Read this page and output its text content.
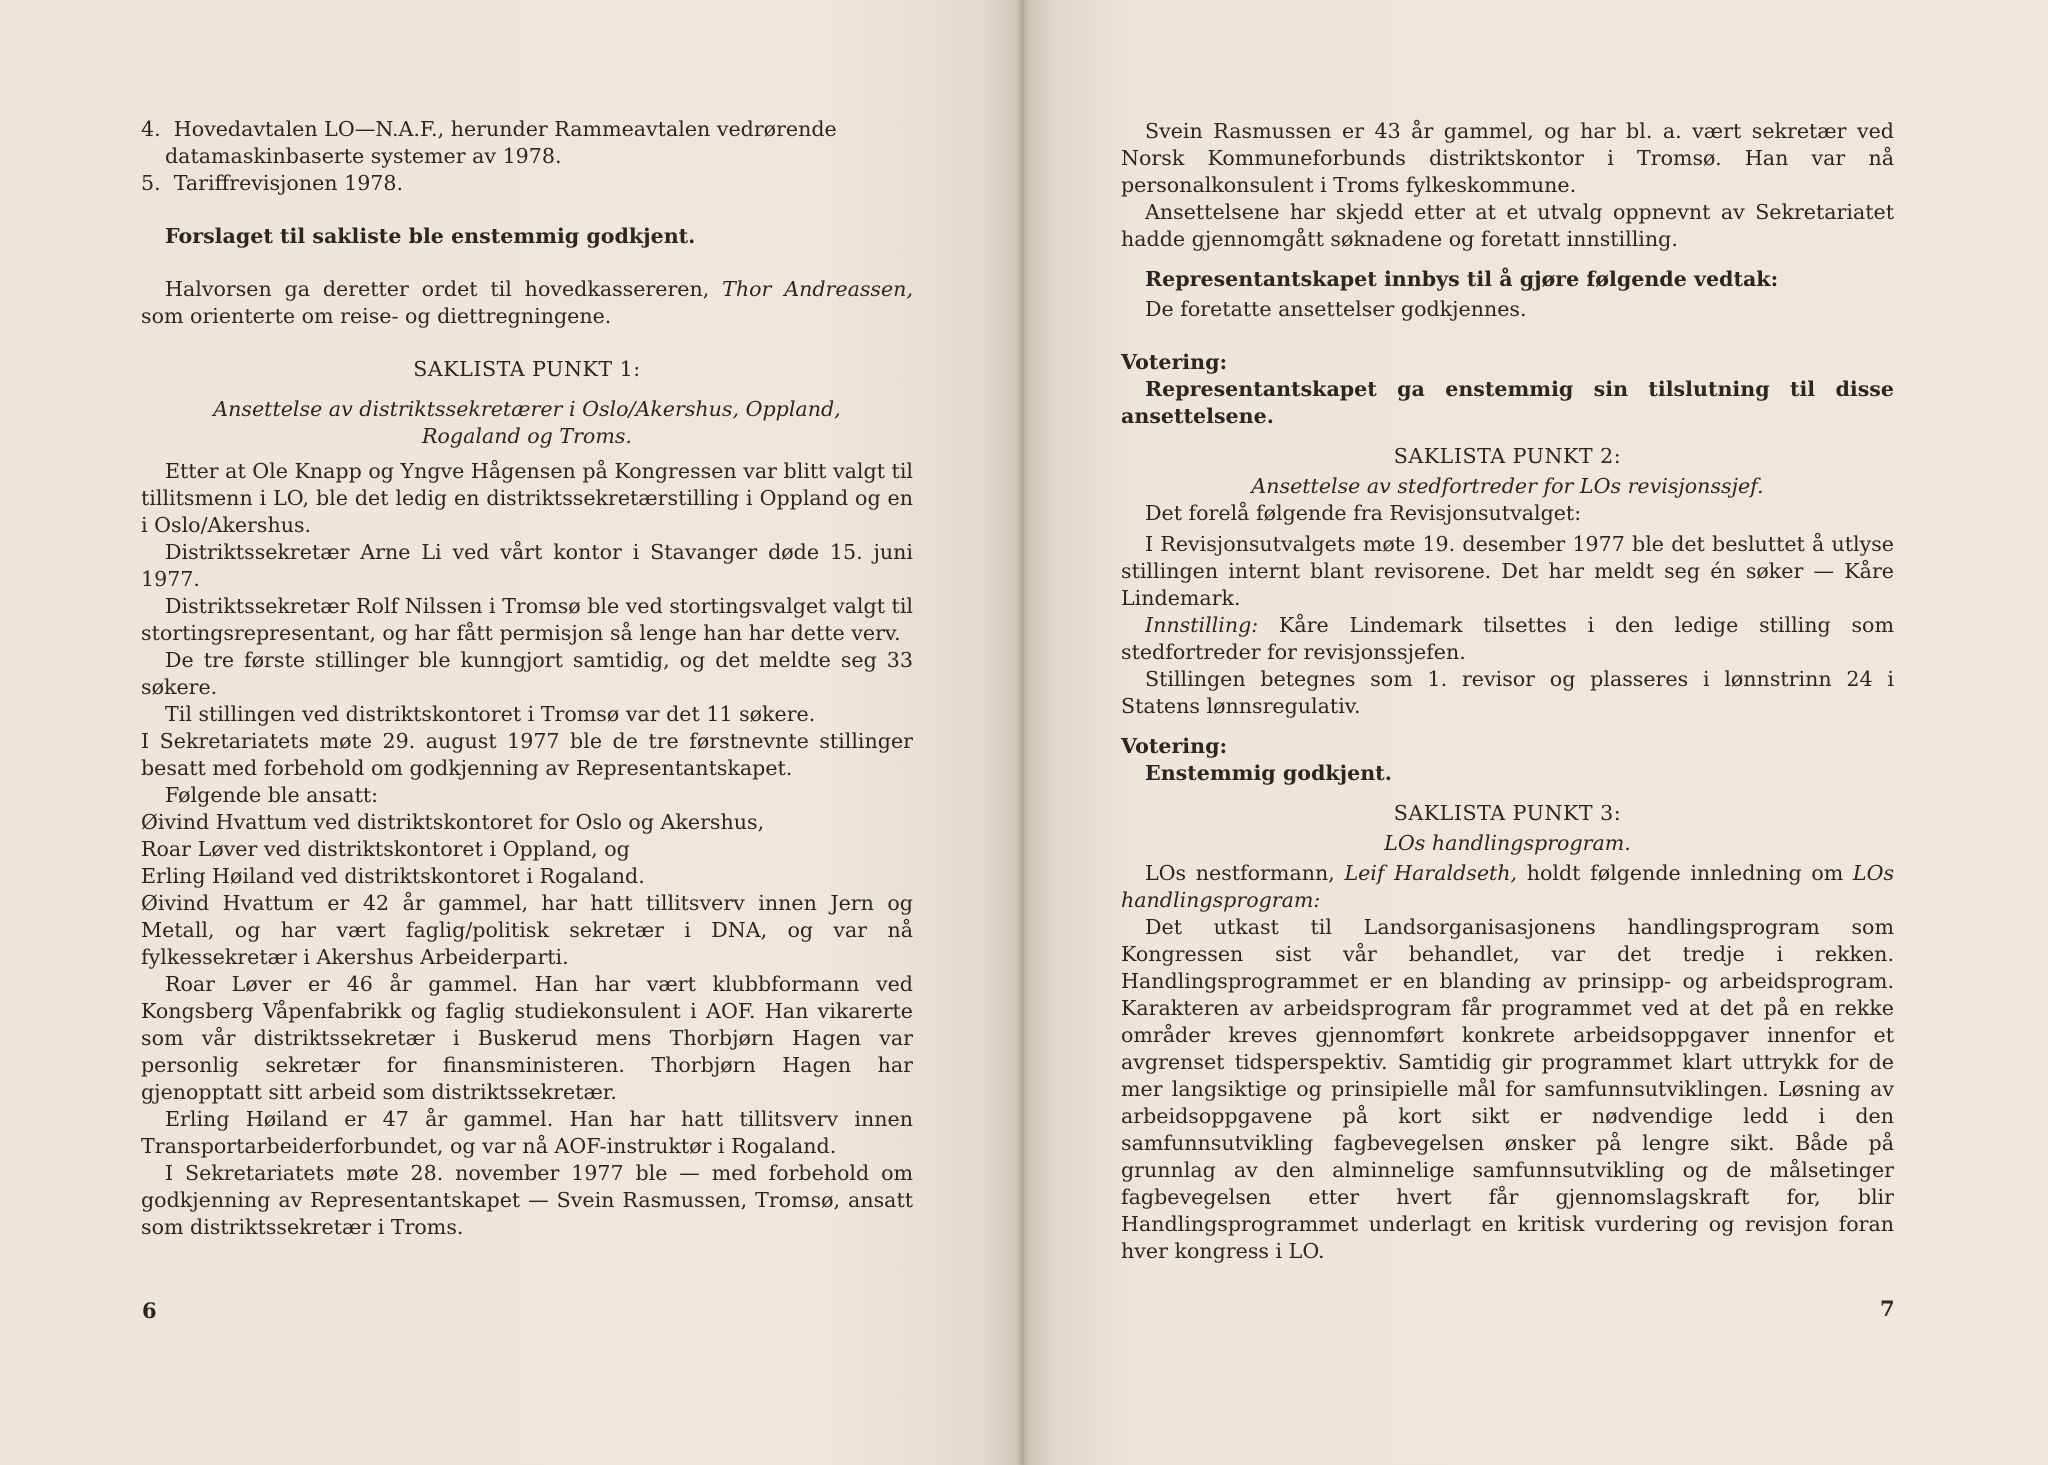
4. Hovedavtalen LO—N.A.F., herunder Rammeavtalen vedrørende

datamaskinbaserte systemer av 1978.

5. Tariffrevisjonen 1978.

Forslaget til sakliste ble enstemmig godkjent.

Halvorsen ga deretter ordet til hovedkassereren, Thor Andreassen, som orienterte om reise- og diettregningene.

SAKLISTA PUNKT 1:

Ansettelse av distriktssekretærer i Oslo/Akershus, Oppland,

Rogaland og Troms.

Etter at Ole Knapp og Yngve Hågensen på Kongressen var blitt valgt til tillitsmenn i LO, ble det ledig en distriktssekretærstilling i Oppland og en i Oslo/Akershus.

Distriktssekretær Arne Li ved vårt kontor i Stavanger døde 15. juni 1977.

Distriktssekretær Rolf Nilssen i Tromsø ble ved stortingsvalget valgt til stortingsrepresentant, og har fått permisjon så lenge han har dette verv.

De tre første stillinger ble kunngjort samtidig, og det meldte seg 33 søkere.

Til stillingen ved distriktskontoret i Tromsø var det 11 søkere.

I Sekretariatets møte 29. august 1977 ble de tre førstnevnte stillinger besatt med forbehold om godkjenning av Representantskapet.

Følgende ble ansatt:

Øivind Hvattum ved distriktskontoret for Oslo og Akershus,

Roar Løver ved distriktskontoret i Oppland, og

Erling Høiland ved distriktskontoret i Rogaland.

Øivind Hvattum er 42 år gammel, har hatt tillitsverv innen Jern og Metall, og har vært faglig/politisk sekretær i DNA, og var nå fylkessekretær i Akershus Arbeiderparti.

Roar Løver er 46 år gammel. Han har vært klubbformann ved Kongsberg Våpenfabrikk og faglig studiekonsulent i AOF. Han vikarerte som vår distriktssekretær i Buskerud mens Thorbjørn Hagen var personlig sekretær for finansministeren. Thorbjørn Hagen har gjenopptatt sitt arbeid som distriktssekretær.

Erling Høiland er 47 år gammel. Han har hatt tillitsverv innen Transportarbeiderforbundet, og var nå AOF-instruktør i Rogaland.

I Sekretariatets møte 28. november 1977 ble — med forbehold om godkjenning av Representantskapet — Svein Rasmussen, Tromsø, ansatt som distriktssekretær i Troms.

6

Svein Rasmussen er 43 år gammel, og har bl. a. vært sekretær ved Norsk Kommuneforbunds distriktskontor i Tromsø. Han var nå personalkonsulent i Troms fylkeskommune.

Ansettelsene har skjedd etter at et utvalg oppnevnt av Sekretariatet hadde gjennomgått søknadene og foretatt innstilling.

Representantskapet innbys til å gjøre følgende vedtak:

De foretatte ansettelser godkjennes.

Votering:

Representantskapet ga enstemmig sin tilslutning til disse ansettelsene.

SAKLISTA PUNKT 2:

Ansettelse av stedfortreder for LOs revisjonssjef.

Det forelå følgende fra Revisjonsutvalget:

I Revisjonsutvalgets møte 19. desember 1977 ble det besluttet å utlyse stillingen internt blant revisorene. Det har meldt seg én søker — Kåre Lindemark.

Innstilling: Kåre Lindemark tilsettes i den ledige stilling som stedfortreder for revisjonssjefen.

Stillingen betegnes som 1. revisor og plasseres i lønnstrinn 24 i Statens lønnsregulativ.

Votering:

Enstemmig godkjent.

SAKLISTA PUNKT 3:

LOs handlingsprogram.

LOs nestformann, Leif Haraldseth, holdt følgende innledning om LOs handlingsprogram:

Det utkast til Landsorganisasjonens handlingsprogram som Kongressen sist vår behandlet, var det tredje i rekken. Handlingsprogrammet er en blanding av prinsipp- og arbeidsprogram. Karakteren av arbeidsprogram får programmet ved at det på en rekke områder kreves gjennomført konkrete arbeidsoppgaver innenfor et avgrenset tidsperspektiv. Samtidig gir programmet klart uttrykk for de mer langsiktige og prinsipielle mål for samfunnsutviklingen. Løsning av arbeidsoppgavene på kort sikt er nødvendige ledd i den samfunnsutvikling fagbevegelsen ønsker på lengre sikt. Både på grunnlag av den alminnelige samfunnsutvikling og de målsetinger fagbevegelsen etter hvert får gjennomslagskraft for, blir Handlingsprogrammet underlagt en kritisk vurdering og revisjon foran hver kongress i LO.

7
